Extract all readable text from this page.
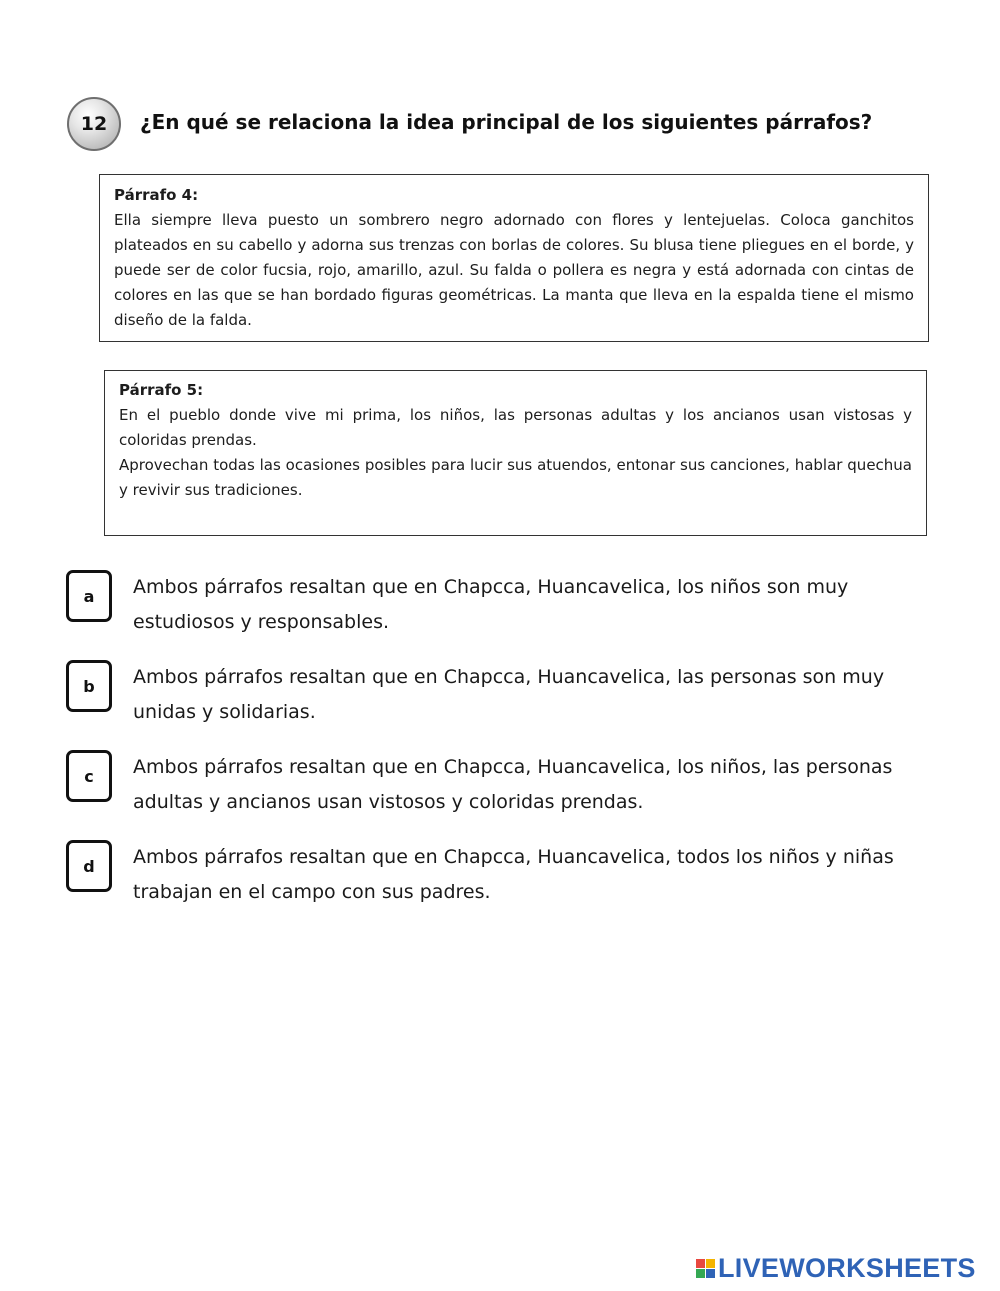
12	¿En qué se relaciona la idea principal de los siguientes párrafos?
Párrafo 4:

Ella siempre lleva puesto un sombrero negro adornado con flores y lentejuelas. Coloca ganchitos plateados en su cabello y adorna sus trenzas con borlas de colores. Su blusa tiene pliegues en el borde, y puede ser de color fucsia, rojo, amarillo, azul. Su falda o pollera es negra y está adornada con cintas de colores en las que se han bordado figuras geométricas. La manta que lleva en la espalda tiene el mismo diseño de la falda.

Párrafo 5:

En el pueblo donde vive mi prima, los niños, las personas adultas y los ancianos usan vistosas y coloridas prendas.

Aprovechan todas las ocasiones posibles para lucir sus atuendos, entonar sus canciones, hablar quechua y revivir sus tradiciones.

a	Ambos párrafos resaltan que en Chapcca, Huancavelica, los niños son muy estudiosos y responsables.
b	Ambos párrafos resaltan que en Chapcca, Huancavelica, las personas son muy unidas y solidarias.
c	Ambos párrafos resaltan que en Chapcca, Huancavelica, los niños, las personas adultas y ancianos usan vistosos y coloridas prendas.
d	Ambos párrafos resaltan que en Chapcca, Huancavelica, todos los niños y niñas trabajan en el campo con sus padres.
LIVEWORKSHEETS
